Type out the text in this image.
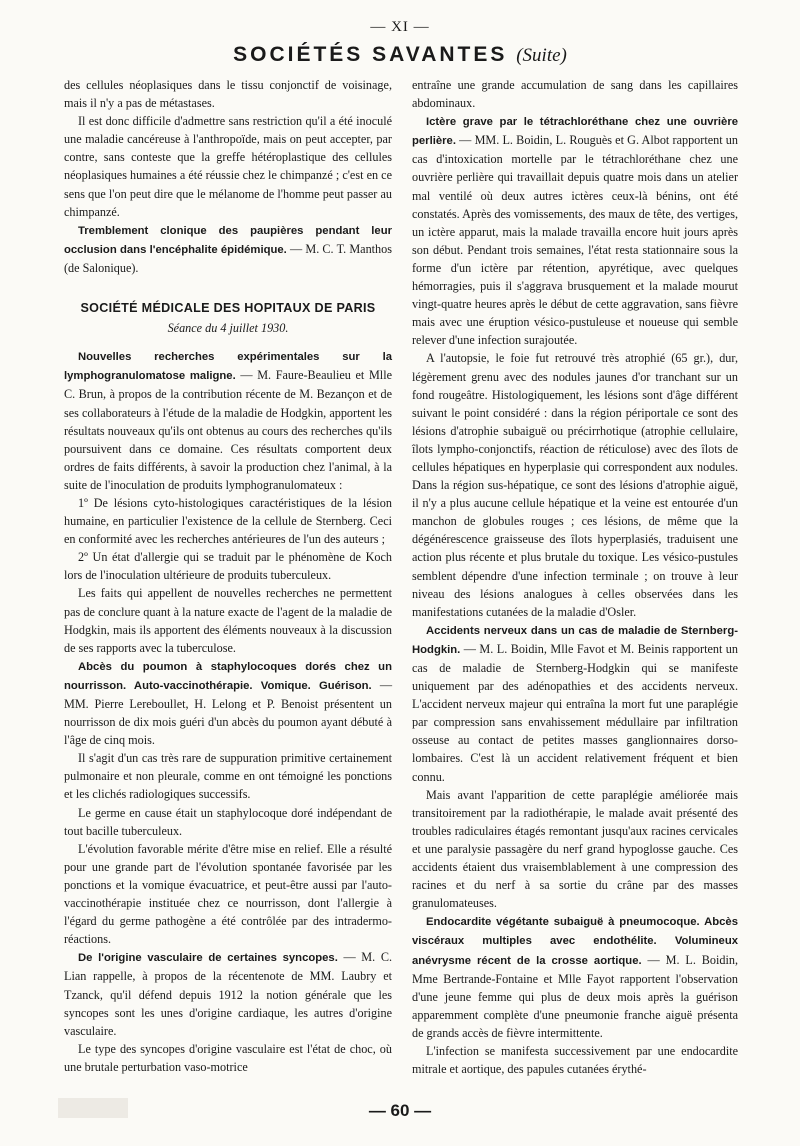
— XI —
SOCIÉTÉS SAVANTES (Suite)

des cellules néoplasiques dans le tissu conjonctif de voisinage, mais il n'y a pas de métastases.

Il est donc difficile d'admettre sans restriction qu'il a été inoculé une maladie cancéreuse à l'anthropoïde, mais on peut accepter, par contre, sans conteste que la greffe hétéroplastique des cellules néoplasiques humaines a été réussie chez le chimpanzé ; c'est en ce sens que l'on peut dire que le mélanome de l'homme peut passer au chimpanzé.

Tremblement clonique des paupières pendant leur occlusion dans l'encéphalite épidémique. — M. C. T. Manthos (de Salonique).

SOCIÉTÉ MÉDICALE DES HOPITAUX DE PARIS
Séance du 4 juillet 1930.

Nouvelles recherches expérimentales sur la lymphogranulomatose maligne. — M. Faure-Beaulieu et Mlle C. Brun, à propos de la contribution récente de M. Bezançon et de ses collaborateurs à l'étude de la maladie de Hodgkin, apportent les résultats nouveaux qu'ils ont obtenus au cours des recherches qu'ils poursuivent dans ce domaine. Ces résultats comportent deux ordres de faits différents, à savoir la production chez l'animal, à la suite de l'inoculation de produits lymphogranulomateux :

1º De lésions cyto-histologiques caractéristiques de la lésion humaine, en particulier l'existence de la cellule de Sternberg. Ceci en conformité avec les recherches antérieures de l'un des auteurs ;

2º Un état d'allergie qui se traduit par le phénomène de Koch lors de l'inoculation ultérieure de produits tuberculeux.

Les faits qui appellent de nouvelles recherches ne permettent pas de conclure quant à la nature exacte de l'agent de la maladie de Hodgkin, mais ils apportent des éléments nouveaux à la discussion de ses rapports avec la tuberculose.

Abcès du poumon à staphylocoques dorés chez un nourrisson. Auto-vaccinothérapie. Vomique. Guérison. — MM. Pierre Lereboullet, H. Lelong et P. Benoist présentent un nourrisson de dix mois guéri d'un abcès du poumon ayant débuté à l'âge de cinq mois.

Il s'agit d'un cas très rare de suppuration primitive certainement pulmonaire et non pleurale, comme en ont témoigné les ponctions et les clichés radiologiques successifs.

Le germe en cause était un staphylocoque doré indépendant de tout bacille tuberculeux.

L'évolution favorable mérite d'être mise en relief. Elle a résulté pour une grande part de l'évolution spontanée favorisée par les ponctions et la vomique évacuatrice, et peut-être aussi par l'auto-vaccinothérapie instituée chez ce nourrisson, dont l'allergie à l'égard du germe pathogène a été contrôlée par des intradermo-réactions.

De l'origine vasculaire de certaines syncopes. — M. C. Lian rappelle, à propos de la récentenote de MM. Laubry et Tzanck, qu'il défend depuis 1912 la notion générale que les syncopes sont les unes d'origine cardiaque, les autres d'origine vasculaire.

Le type des syncopes d'origine vasculaire est l'état de choc, où une brutale perturbation vaso-motrice

entraîne une grande accumulation de sang dans les capillaires abdominaux.

Ictère grave par le tétrachloréthane chez une ouvrière perlière. — MM. L. Boidin, L. Rouguès et G. Albot rapportent un cas d'intoxication mortelle par le tétrachloréthane chez une ouvrière perlière qui travaillait depuis quatre mois dans un atelier mal ventilé où deux autres ictères ceux-là bénins, ont été constatés. Après des vomissements, des maux de tête, des vertiges, un ictère apparut, mais la malade travailla encore huit jours après son début. Pendant trois semaines, l'état resta stationnaire sous la forme d'un ictère par rétention, apyrétique, avec quelques hémorragies, puis il s'aggrava brusquement et la malade mourut vingt-quatre heures après le début de cette aggravation, sans fièvre mais avec une éruption vésico-pustuleuse et noueuse qui semble relever d'une infection surajoutée.

A l'autopsie, le foie fut retrouvé très atrophié (65 gr.), dur, légèrement grenu avec des nodules jaunes d'or tranchant sur un fond rougeâtre. Histologiquement, les lésions sont d'âge différent suivant le point considéré : dans la région périportale ce sont des lésions d'atrophie subaiguë ou précirrhotique (atrophie cellulaire, îlots lympho-conjonctifs, réaction de réticulose) avec des îlots de cellules hépatiques en hyperplasie qui correspondent aux nodules. Dans la région sus-hépatique, ce sont des lésions d'atrophie aiguë, il n'y a plus aucune cellule hépatique et la veine est entourée d'un manchon de globules rouges ; ces lésions, de même que la dégénérescence graisseuse des îlots hyperplasiés, traduisent une action plus récente et plus brutale du toxique. Les vésico-pustules semblent dépendre d'une infection terminale ; on trouve à leur niveau des lésions analogues à celles observées dans les manifestations cutanées de la maladie d'Osler.

Accidents nerveux dans un cas de maladie de Sternberg-Hodgkin. — M. L. Boidin, Mlle Favot et M. Beinis rapportent un cas de maladie de Sternberg-Hodgkin qui se manifeste uniquement par des adénopathies et des accidents nerveux. L'accident nerveux majeur qui entraîna la mort fut une paraplégie par compression sans envahissement médullaire par infiltration osseuse au contact de petites masses ganglionnaires dorso-lombaires. C'est là un accident relativement fréquent et bien connu.

Mais avant l'apparition de cette paraplégie améliorée mais transitoirement par la radiothérapie, le malade avait présenté des troubles radiculaires étagés remontant jusqu'aux racines cervicales et une paralysie passagère du nerf grand hypoglosse gauche. Ces accidents étaient dus vraisemblablement à une compression des racines et du nerf à sa sortie du crâne par des masses granulomateuses.

Endocardite végétante subaiguë à pneumocoque. Abcès viscéraux multiples avec endothélite. Volumineux anévrysme récent de la crosse aortique. — M. L. Boidin, Mme Bertrande-Fontaine et Mlle Fayot rapportent l'observation d'une jeune femme qui plus de deux mois après la guérison apparemment complète d'une pneumonie franche aiguë présenta de grands accès de fièvre intermittente.

L'infection se manifesta successivement par une endocardite mitrale et aortique, des papules cutanées érythé-

— 60 —
